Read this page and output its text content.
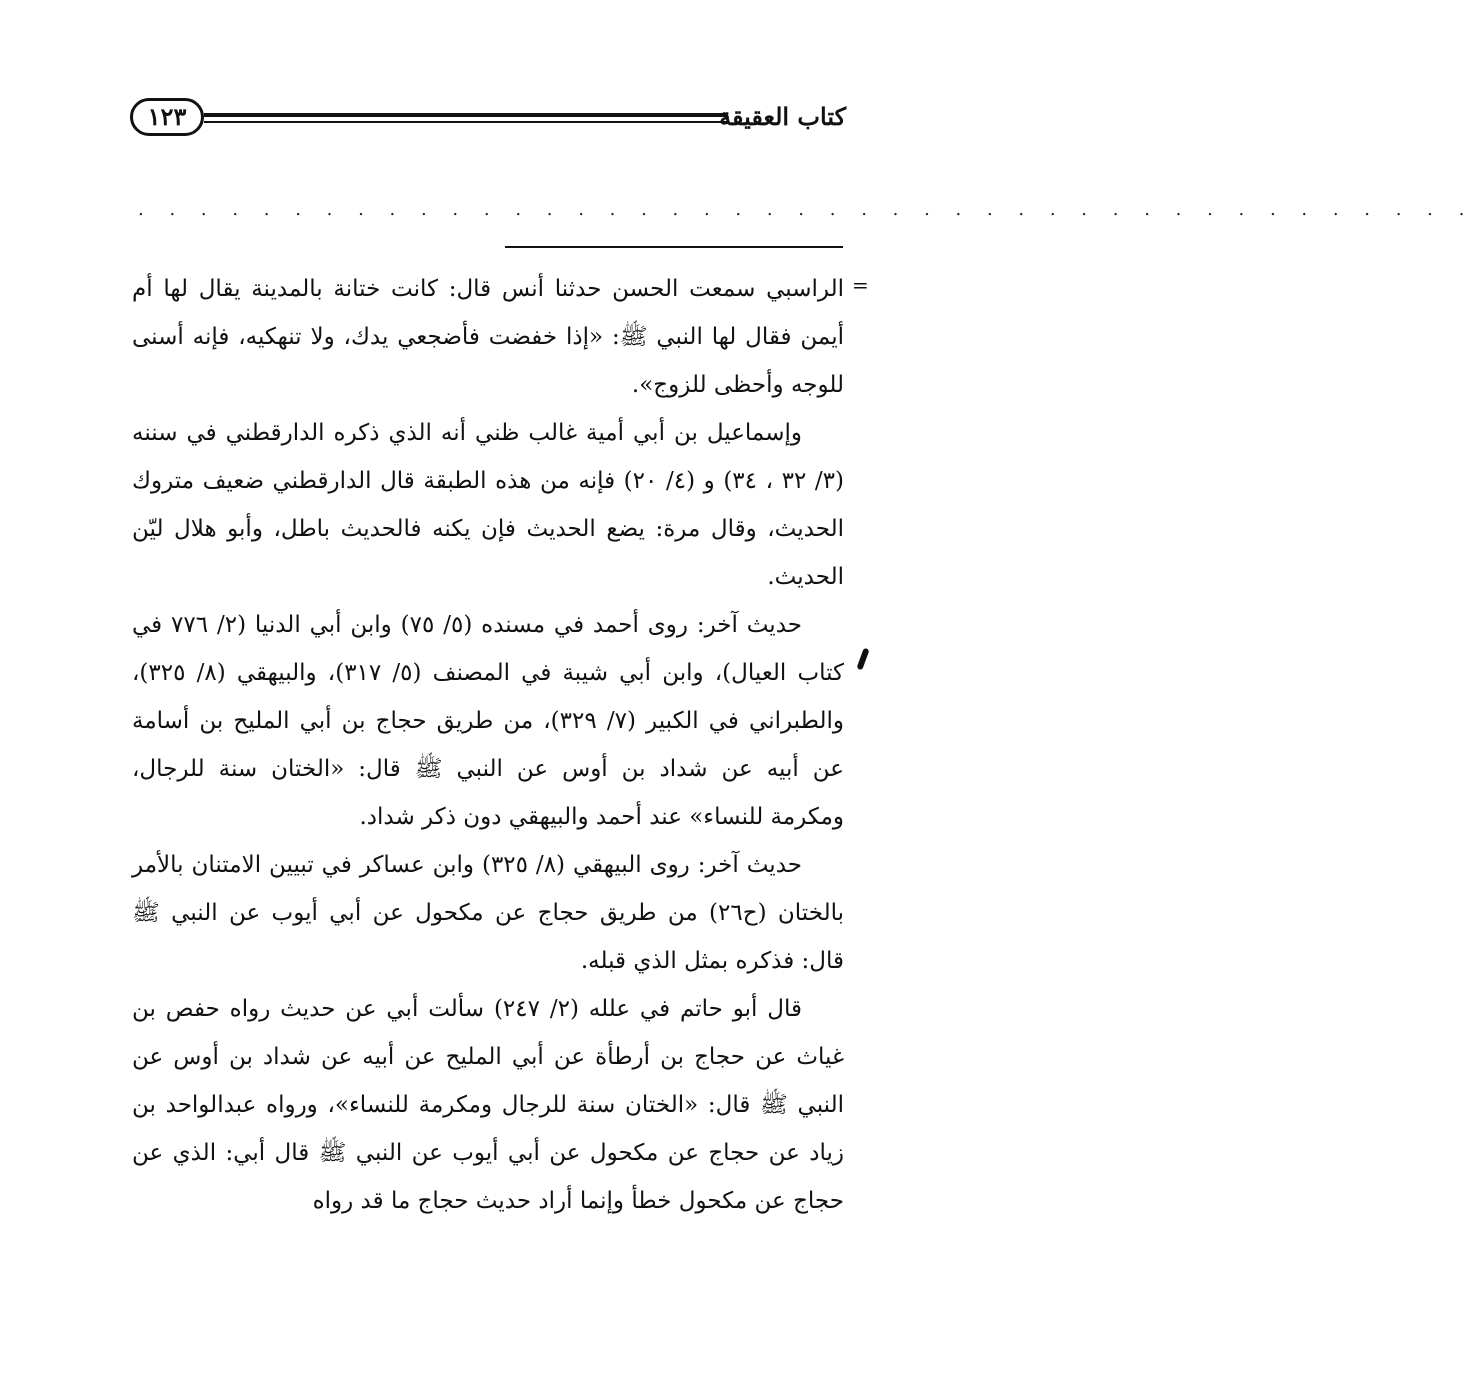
١٢٣	كتاب العقيقة
. . . . . . . . . . . . . . . . . . . . . . . . . . . . . . . . . . . . . . . . . . .
=

الراسبي سمعت الحسن حدثنا أنس قال: كانت ختانة بالمدينة يقال لها أم أيمن فقال لها النبي ﷺ: «إذا خفضت فأضجعي يدك، ولا تنهكيه، فإنه أسنى للوجه وأحظى للزوج».

وإسماعيل بن أبي أمية غالب ظني أنه الذي ذكره الدارقطني في سننه (٣/ ٣٢ ، ٣٤) و (٤/ ٢٠) فإنه من هذه الطبقة قال الدارقطني ضعيف متروك الحديث، وقال مرة: يضع الحديث فإن يكنه فالحديث باطل، وأبو هلال ليّن الحديث.

حديث آخر: روى أحمد في مسنده (٥/ ٧٥) وابن أبي الدنيا (٢/ ٧٧٦ في كتاب العيال)، وابن أبي شيبة في المصنف (٥/ ٣١٧)، والبيهقي (٨/ ٣٢٥)، والطبراني في الكبير (٧/ ٣٢٩)، من طريق حجاج بن أبي المليح بن أسامة عن أبيه عن شداد بن أوس عن النبي ﷺ قال: «الختان سنة للرجال، ومكرمة للنساء» عند أحمد والبيهقي دون ذكر شداد.

حديث آخر: روى البيهقي (٨/ ٣٢٥) وابن عساكر في تبيين الامتنان بالأمر بالختان (ح٢٦) من طريق حجاج عن مكحول عن أبي أيوب عن النبي ﷺ قال: فذكره بمثل الذي قبله.

قال أبو حاتم في علله (٢/ ٢٤٧) سألت أبي عن حديث رواه حفص بن غياث عن حجاج بن أرطأة عن أبي المليح عن أبيه عن شداد بن أوس عن النبي ﷺ قال: «الختان سنة للرجال ومكرمة للنساء»، ورواه عبدالواحد بن زياد عن حجاج عن مكحول عن أبي أيوب عن النبي ﷺ قال أبي: الذي عن حجاج عن مكحول خطأ وإنما أراد حديث حجاج ما قد رواه
